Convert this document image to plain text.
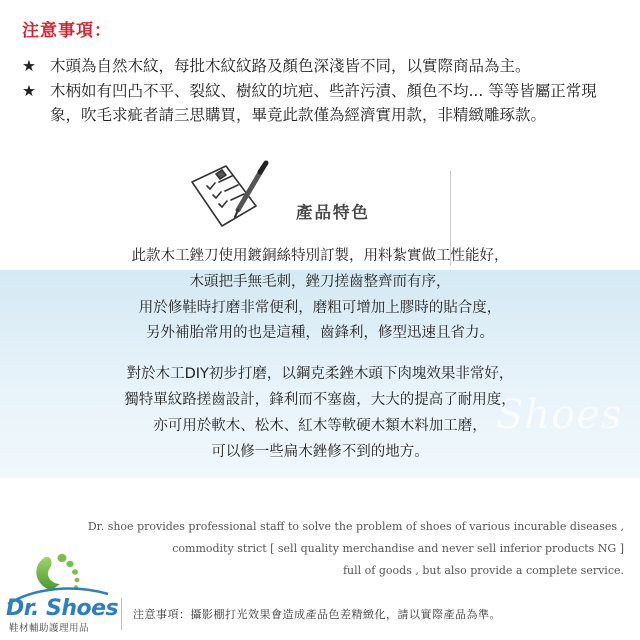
注意事項：

★ 木頭為自然木紋，每批木紋紋路及顏色深淺皆不同，以實際商品為主。

★ 木柄如有凹凸不平、裂紋、樹紋的坑疤、些許污漬、顏色不均... 等等皆屬正常現象，吹毛求疵者請三思購買，畢竟此款僅為經濟實用款，非精緻雕琢款。

Shoes
產品特色

此款木工銼刀使用鍍銅絲特別訂製，用料紮實做工性能好，

木頭把手無毛刺，銼刀搓齒整齊而有序，

用於修鞋時打磨非常便利，磨粗可增加上膠時的貼合度，

另外補胎常用的也是這種，齒鋒利，修型迅速且省力。

對於木工DIY初步打磨，以鋼克柔銼木頭下肉塊效果非常好，

獨特單紋路搓齒設計，鋒利而不塞齒，大大的提高了耐用度，

亦可用於軟木、松木、紅木等軟硬木類木料加工磨，

可以修一些扁木銼修不到的地方。

Dr. shoe provides professional staff to solve the problem of shoes of various incurable diseases ,

commodity strict [ sell quality merchandise and never sell inferior products NG ]

full of goods , but also provide a complete service.

Dr. Shoes
鞋材輔助護理用品
注意事項：攝影棚打光效果會造成產品色差精緻化，請以實際產品為準。
